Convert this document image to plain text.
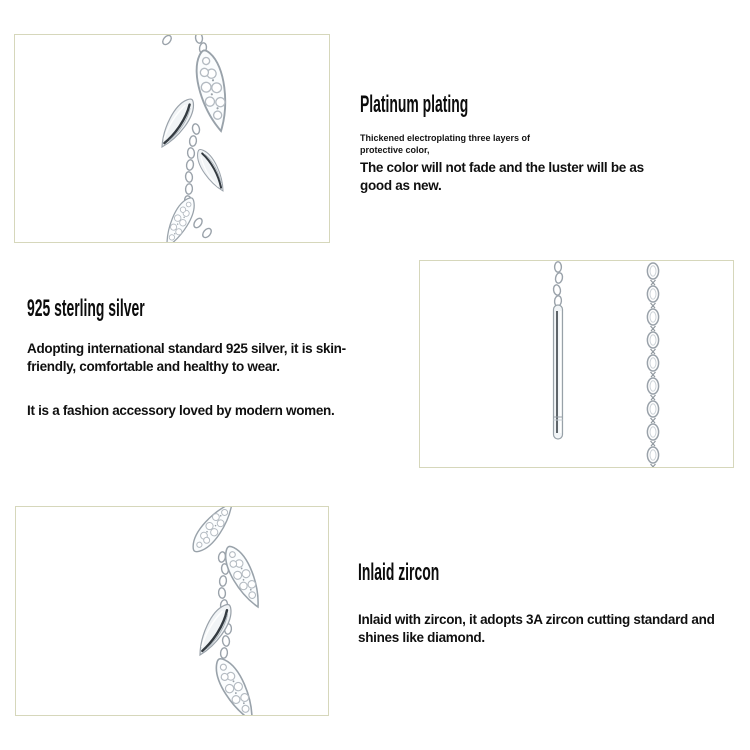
Platinum plating
Thickened electroplating three layers of protective color,
The color will not fade and the luster will be as good as new.
925 sterling silver
Adopting international standard 925 silver, it is skin-friendly, comfortable and healthy to wear.
It is a fashion accessory loved by modern women.
Inlaid zircon
Inlaid with zircon, it adopts 3A zircon cutting standard and shines like diamond.
